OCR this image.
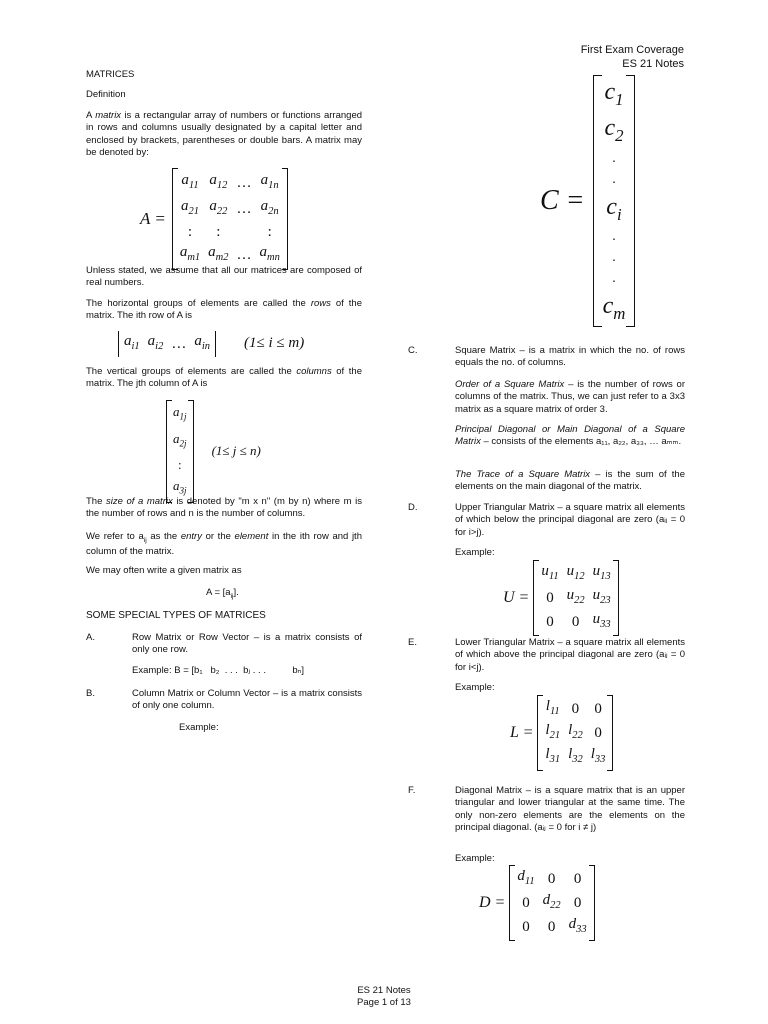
First Exam Coverage
ES 21 Notes
MATRICES
Definition
A matrix is a rectangular array of numbers or functions arranged in rows and columns usually designated by a capital letter and enclosed by brackets, parentheses or double bars. A matrix may be denoted by:
A =
$a_{11}$	$a_{12}$	…	$a_{1n}$
$a_{21}$	$a_{22}$	…	$a_{2n}$
:	:		:
$a_{m1}$	$a_{m2}$	…	$a_{mn}$
Unless stated, we assume that all our matrices are composed of real numbers.
The horizontal groups of elements are called the rows of the matrix. The ith row of A is
$a_{i1}$	$a_{i2}$	…	$a_{in}$ (1≤ i ≤ m)
The vertical groups of elements are called the columns of the matrix. The jth column of A is
$a_{1j}$
$a_{2j}$
:
$a_{3j}$
(1≤ j ≤ n)
The size of a matrix is denoted by "m x n" (m by n) where m is the number of rows and n is the number of columns.
We refer to $a_{ij}$ as the entry or the element in the ith row and jth column of the matrix.
We may often write a given matrix as
$A = [a_{ij}]$.
SOME SPECIAL TYPES OF MATRICES
A.	Row Matrix or Row Vector – is a matrix consists of only one row.
Example: B = [b₁   b₂  . . .  bⱼ . . .          bₙ]
B.	Column Matrix or Column Vector – is a matrix consists of only one column.
Example:
C =
$c_1$
$c_2$
.
.
$c_i$
.
.
.
$c_m$
C.	Square Matrix – is a matrix in which the no. of rows equals the no. of columns.
Order of a Square Matrix – is the number of rows or columns of the matrix. Thus, we can just refer to a 3x3 matrix as a square matrix of order 3.
Principal Diagonal or Main Diagonal of a Square Matrix – consists of the elements a₁₁, a₂₂, a₃₃, … aₘₘ.
The Trace of a Square Matrix – is the sum of the elements on the main diagonal of the matrix.
D.	Upper Triangular Matrix – a square matrix all elements of which below the principal diagonal are zero (aᵢⱼ = 0 for i>j).
Example:
U =
$u_{11}$	$u_{12}$	$u_{13}$
0	$u_{22}$	$u_{23}$
0	0	$u_{33}$
E.	Lower Triangular Matrix – a square matrix all elements of which above the principal diagonal are zero (aᵢⱼ = 0 for i<j).
Example:
L =
$l_{11}$	0	0
$l_{21}$	$l_{22}$	0
$l_{31}$	$l_{32}$	$l_{33}$
F.	Diagonal Matrix – is a square matrix that is an upper triangular and lower triangular at the same time. The only non-zero elements are the elements on the principal diagonal. (aᵢⱼ = 0 for i ≠ j)
Example:
D =
$d_{11}$	0	0
0	$d_{22}$	0
0	0	$d_{33}$
ES 21 Notes
Page 1 of 13
